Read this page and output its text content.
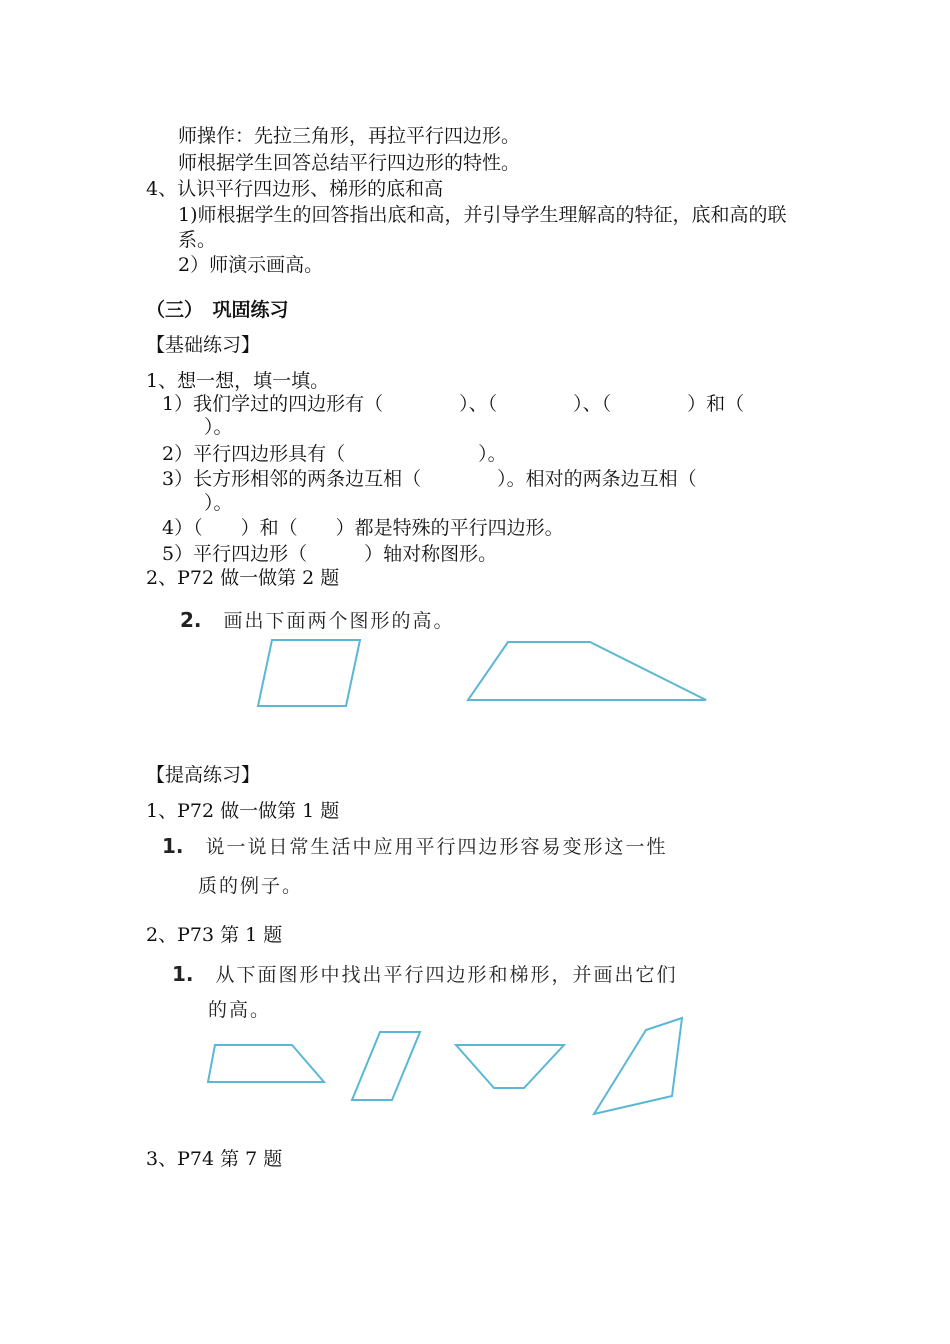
师操作：先拉三角形，再拉平行四边形。
师根据学生回答总结平行四边形的特性。
4、认识平行四边形、梯形的底和高
1)师根据学生的回答指出底和高，并引导学生理解高的特征，底和高的联
系。
2）师演示画高。
（三）　巩固练习
【基础练习】
1、想一想，填一填。
1）我们学过的四边形有（　　　　）、（　　　　）、（　　　　）和（
）。
2）平行四边形具有（　　　　　　　）。
3）长方形相邻的两条边互相（　　　　）。相对的两条边互相（
）。
4）（　　）和（　　）都是特殊的平行四边形。
5）平行四边形（　　　）轴对称图形。
2、P72 做一做第 2 题
2. 画出下面两个图形的高。
【提高练习】
1、P72 做一做第 1 题
1. 说一说日常生活中应用平行四边形容易变形这一性
质的例子。
2、P73 第 1 题
1. 从下面图形中找出平行四边形和梯形，并画出它们
的高。
3、P74 第 7 题
